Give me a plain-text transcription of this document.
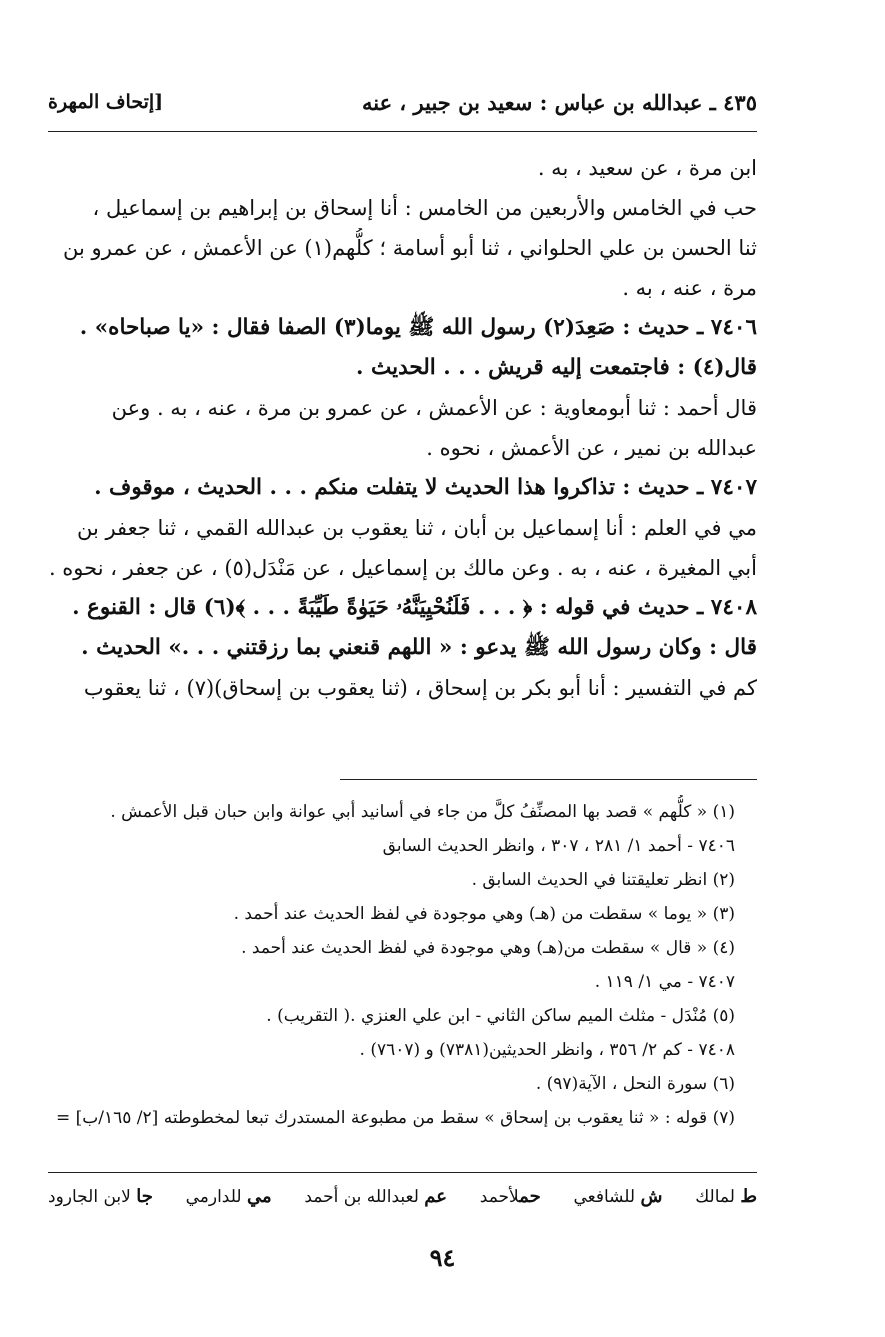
٤٣٥ ـ عبدالله بن عباس : سعيد بن جبير ، عنه
[إتحاف المهرة
ابن مرة ، عن سعيد ، به .
حب في الخامس والأربعين من الخامس : أنا إسحاق بن إبراهيم بن إسماعيل ،
ثنا الحسن بن علي الحلواني ، ثنا أبو أسامة ؛ كلُّهم(١) عن الأعمش ، عن عمرو بن
مرة ، عنه ، به .
٧٤٠٦ ـ حديث : صَعِدَ(٢) رسول الله ﷺ يوما(٣) الصفا فقال : «يا صباحاه» .
قال(٤) : فاجتمعت إليه قريش . . . الحديث .
قال أحمد : ثنا أبومعاوية : عن الأعمش ، عن عمرو بن مرة ، عنه ، به . وعن
عبدالله بن نمير ، عن الأعمش ، نحوه .
٧٤٠٧ ـ حديث : تذاكروا هذا الحديث لا يتفلت منكم . . . الحديث ، موقوف .
مي في العلم : أنا إسماعيل بن أبان ، ثنا يعقوب بن عبدالله القمي ، ثنا جعفر بن
أبي المغيرة ، عنه ، به . وعن مالك بن إسماعيل ، عن مَنْدَل(٥) ، عن جعفر ، نحوه .
٧٤٠٨ ـ حديث في قوله : ﴿ . . . فَلَنُحْيِيَنَّهُۥ حَيَوٰةً طَيِّبَةً . . . ﴾(٦) قال : القنوع .
قال : وكان رسول الله ﷺ يدعو : « اللهم قنعني بما رزقتني . . .» الحديث .
كم في التفسير : أنا أبو بكر بن إسحاق ، (ثنا يعقوب بن إسحاق)(٧) ، ثنا يعقوب
(١) « كلُّهم » قصد بها المصنِّفُ كلَّ من جاء في أسانيد أبي عوانة وابن حبان قبل الأعمش .
٧٤٠٦ - أحمد ١/ ٢٨١ ، ٣٠٧ ، وانظر الحديث السابق
(٢) انظر تعليقتنا في الحديث السابق .
(٣) « يوما » سقطت من (هـ) وهي موجودة في لفظ الحديث عند أحمد .
(٤) « قال » سقطت من(هـ) وهي موجودة في لفظ الحديث عند أحمد .
٧٤٠٧ - مي ١/ ١١٩ .
(٥) مُنْدَل - مثلث الميم ساكن الثاني - ابن علي العنزي .( التقريب) .
٧٤٠٨ - كم ٢/ ٣٥٦ ، وانظر الحديثين(٧٣٨١) و (٧٦٠٧) .
(٦) سورة النحل ، الآية(٩٧) .
(٧) قوله : « ثنا يعقوب بن إسحاق » سقط من مطبوعة المستدرك تبعا لمخطوطته [٢/ ١٦٥/ب] =
ط لمالك
ش للشافعي
حملأحمد
عم لعبدالله بن أحمد
مي للدارمي
جا لابن الجارود
٩٤
